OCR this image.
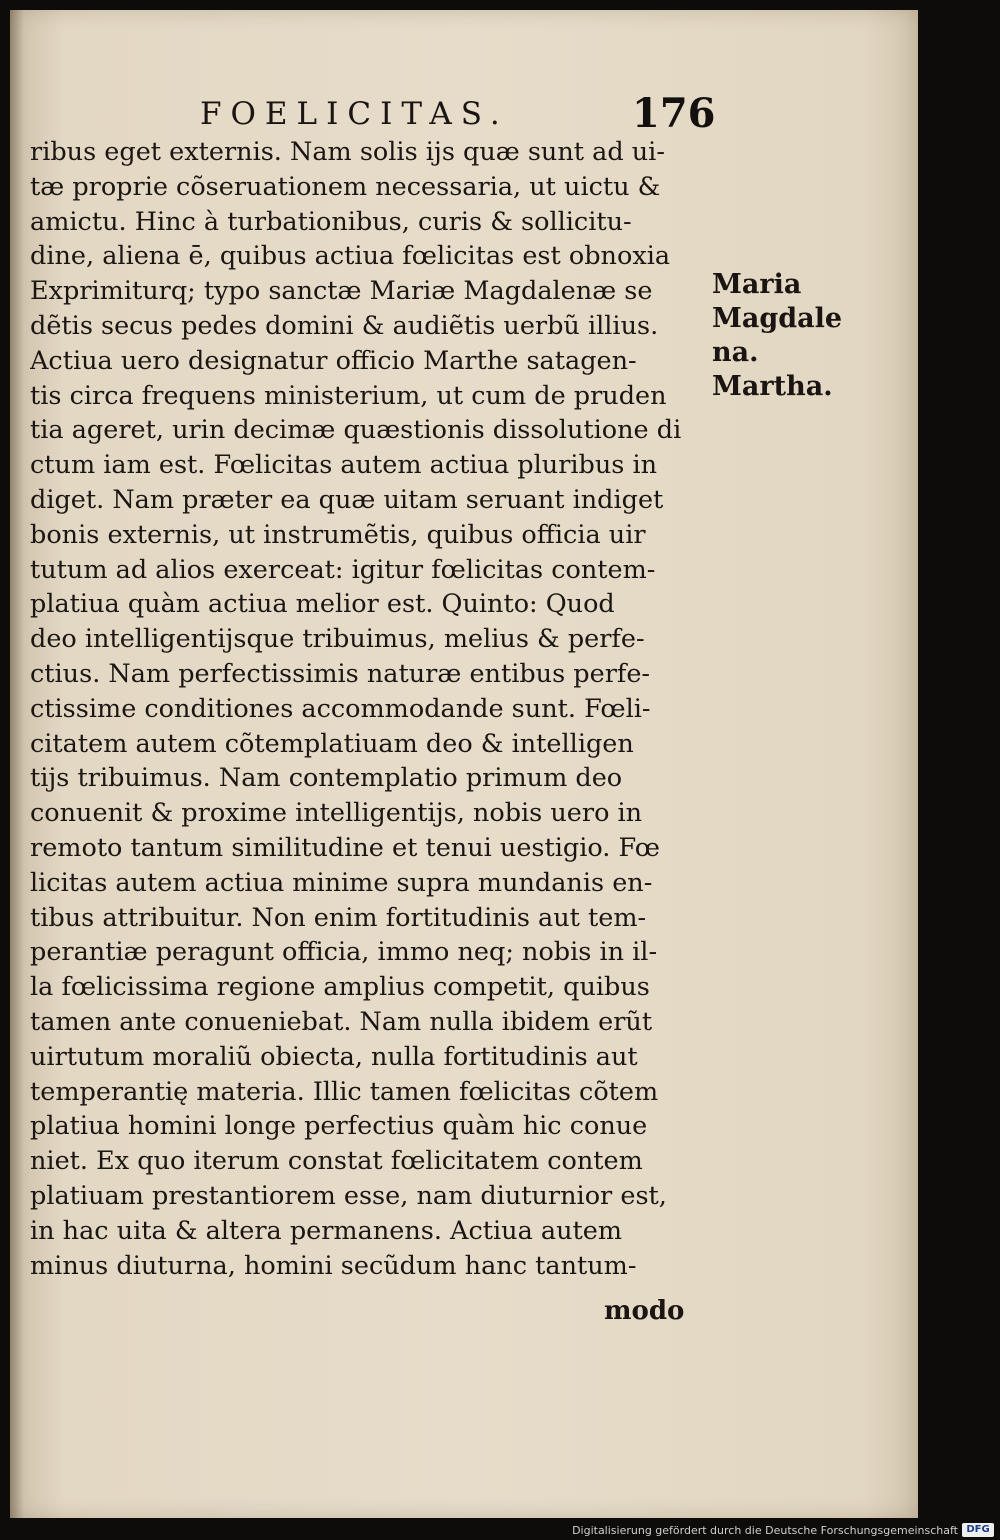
FOELICITAS.	176
ribus eget externis. Nam solis ijs quæ sunt ad ui-
tæ proprie cõseruationem necessaria, ut uictu &
amictu. Hinc à turbationibus, curis & sollicitu-
dine, aliena ē, quibus actiua fœlicitas est obnoxia
Exprimiturq; typo sanctæ Mariæ Magdalenæ se
dẽtis secus pedes domini & audiẽtis uerbũ illius.
Actiua uero designatur officio Marthe satagen-
tis circa frequens ministerium, ut cum de pruden
tia ageret, urin decimæ quæstionis dissolutione di
ctum iam est. Fœlicitas autem actiua pluribus in
diget. Nam præter ea quæ uitam seruant indiget
bonis externis, ut instrumẽtis, quibus officia uir
tutum ad alios exerceat: igitur fœlicitas contem-
platiua quàm actiua melior est. Quinto: Quod
deo intelligentijsque tribuimus, melius & perfe-
ctius. Nam perfectissimis naturæ entibus perfe-
ctissime conditiones accommodande sunt. Fœli-
citatem autem cõtemplatiuam deo & intelligen
tijs tribuimus. Nam contemplatio primum deo
conuenit & proxime intelligentijs, nobis uero in
remoto tantum similitudine et tenui uestigio. Fœ
licitas autem actiua minime supra mundanis en-
tibus attribuitur. Non enim fortitudinis aut tem-
perantiæ peragunt officia, immo neq; nobis in il-
la fœlicissima regione amplius competit, quibus
tamen ante conueniebat. Nam nulla ibidem erũt
uirtutum moraliũ obiecta, nulla fortitudinis aut
temperantię materia. Illic tamen fœlicitas cõtem
platiua homini longe perfectius quàm hic conue
niet. Ex quo iterum constat fœlicitatem contem
platiuam prestantiorem esse, nam diuturnior est,
in hac uita & altera permanens. Actiua autem
minus diuturna, homini secũdum hanc tantum-
modo
Maria
Magdale
na.
Martha.
Digitalisierung gefördert durch die Deutsche Forschungsgemeinschaft DFG
